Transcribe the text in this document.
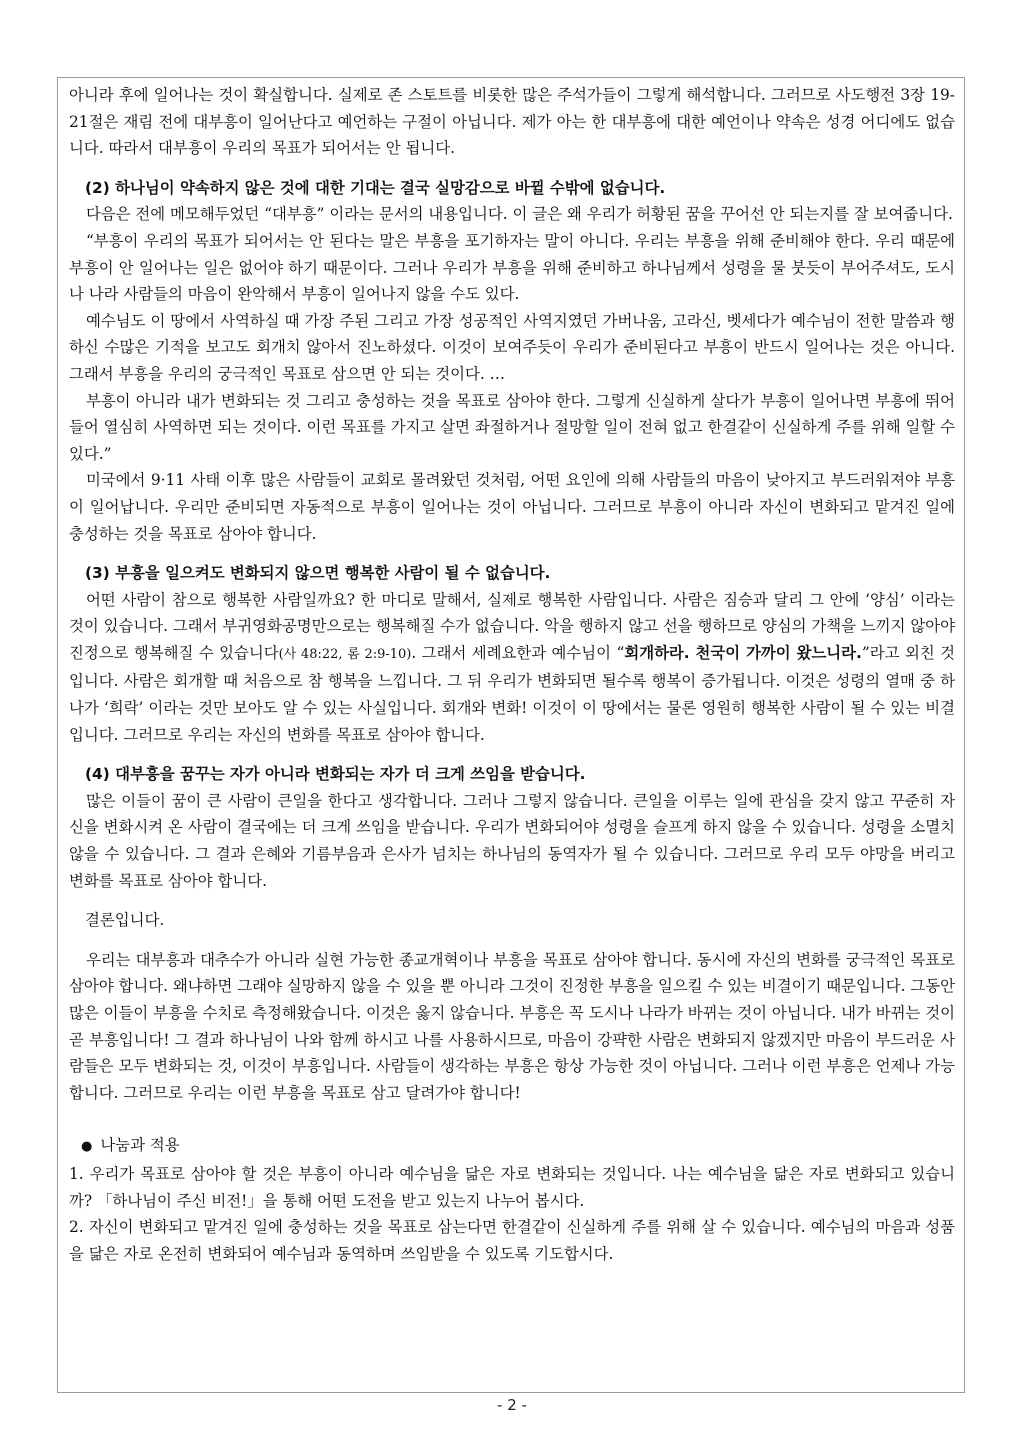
아니라 후에 일어나는 것이 확실합니다. 실제로 존 스토트를 비롯한 많은 주석가들이 그렇게 해석합니다. 그러므로 사도행전 3장 19-21절은 재림 전에 대부흥이 일어난다고 예언하는 구절이 아닙니다. 제가 아는 한 대부흥에 대한 예언이나 약속은 성경 어디에도 없습니다. 따라서 대부흥이 우리의 목표가 되어서는 안 됩니다.

(2) 하나님이 약속하지 않은 것에 대한 기대는 결국 실망감으로 바뀔 수밖에 없습니다.

다음은 전에 메모해두었던 “대부흥” 이라는 문서의 내용입니다. 이 글은 왜 우리가 허황된 꿈을 꾸어선 안 되는지를 잘 보여줍니다.

“부흥이 우리의 목표가 되어서는 안 된다는 말은 부흥을 포기하자는 말이 아니다. 우리는 부흥을 위해 준비해야 한다. 우리 때문에 부흥이 안 일어나는 일은 없어야 하기 때문이다. 그러나 우리가 부흥을 위해 준비하고 하나님께서 성령을 물 붓듯이 부어주셔도, 도시나 나라 사람들의 마음이 완악해서 부흥이 일어나지 않을 수도 있다.

예수님도 이 땅에서 사역하실 때 가장 주된 그리고 가장 성공적인 사역지였던 가버나움, 고라신, 벳세다가 예수님이 전한 말씀과 행하신 수많은 기적을 보고도 회개치 않아서 진노하셨다. 이것이 보여주듯이 우리가 준비된다고 부흥이 반드시 일어나는 것은 아니다. 그래서 부흥을 우리의 궁극적인 목표로 삼으면 안 되는 것이다. …

부흥이 아니라 내가 변화되는 것 그리고 충성하는 것을 목표로 삼아야 한다. 그렇게 신실하게 살다가 부흥이 일어나면 부흥에 뛰어들어 열심히 사역하면 되는 것이다. 이런 목표를 가지고 살면 좌절하거나 절망할 일이 전혀 없고 한결같이 신실하게 주를 위해 일할 수 있다.”

미국에서 9·11 사태 이후 많은 사람들이 교회로 몰려왔던 것처럼, 어떤 요인에 의해 사람들의 마음이 낮아지고 부드러워져야 부흥이 일어납니다. 우리만 준비되면 자동적으로 부흥이 일어나는 것이 아닙니다. 그러므로 부흥이 아니라 자신이 변화되고 맡겨진 일에 충성하는 것을 목표로 삼아야 합니다.

(3) 부흥을 일으켜도 변화되지 않으면 행복한 사람이 될 수 없습니다.

어떤 사람이 참으로 행복한 사람일까요? 한 마디로 말해서, 실제로 행복한 사람입니다. 사람은 짐승과 달리 그 안에 ‘양심’ 이라는 것이 있습니다. 그래서 부귀영화공명만으로는 행복해질 수가 없습니다. 악을 행하지 않고 선을 행하므로 양심의 가책을 느끼지 않아야 진정으로 행복해질 수 있습니다(사 48:22, 롬 2:9-10). 그래서 세례요한과 예수님이 “회개하라. 천국이 가까이 왔느니라.”라고 외친 것입니다. 사람은 회개할 때 처음으로 참 행복을 느낍니다. 그 뒤 우리가 변화되면 될수록 행복이 증가됩니다. 이것은 성령의 열매 중 하나가 ‘희락’ 이라는 것만 보아도 알 수 있는 사실입니다. 회개와 변화! 이것이 이 땅에서는 물론 영원히 행복한 사람이 될 수 있는 비결입니다. 그러므로 우리는 자신의 변화를 목표로 삼아야 합니다.

(4) 대부흥을 꿈꾸는 자가 아니라 변화되는 자가 더 크게 쓰임을 받습니다.

많은 이들이 꿈이 큰 사람이 큰일을 한다고 생각합니다. 그러나 그렇지 않습니다. 큰일을 이루는 일에 관심을 갖지 않고 꾸준히 자신을 변화시켜 온 사람이 결국에는 더 크게 쓰임을 받습니다. 우리가 변화되어야 성령을 슬프게 하지 않을 수 있습니다. 성령을 소멸치 않을 수 있습니다. 그 결과 은혜와 기름부음과 은사가 넘치는 하나님의 동역자가 될 수 있습니다. 그러므로 우리 모두 야망을 버리고 변화를 목표로 삼아야 합니다.

결론입니다.

우리는 대부흥과 대추수가 아니라 실현 가능한 종교개혁이나 부흥을 목표로 삼아야 합니다. 동시에 자신의 변화를 궁극적인 목표로 삼아야 합니다. 왜냐하면 그래야 실망하지 않을 수 있을 뿐 아니라 그것이 진정한 부흥을 일으킬 수 있는 비결이기 때문입니다. 그동안 많은 이들이 부흥을 수치로 측정해왔습니다. 이것은 옳지 않습니다. 부흥은 꼭 도시나 나라가 바뀌는 것이 아닙니다. 내가 바뀌는 것이 곧 부흥입니다! 그 결과 하나님이 나와 함께 하시고 나를 사용하시므로, 마음이 강퍅한 사람은 변화되지 않겠지만 마음이 부드러운 사람들은 모두 변화되는 것, 이것이 부흥입니다. 사람들이 생각하는 부흥은 항상 가능한 것이 아닙니다. 그러나 이런 부흥은 언제나 가능합니다. 그러므로 우리는 이런 부흥을 목표로 삼고 달려가야 합니다!

● 나눔과 적용

1. 우리가 목표로 삼아야 할 것은 부흥이 아니라 예수님을 닮은 자로 변화되는 것입니다. 나는 예수님을 닮은 자로 변화되고 있습니까? 「하나님이 주신 비전!」을 통해 어떤 도전을 받고 있는지 나누어 봅시다.

2. 자신이 변화되고 맡겨진 일에 충성하는 것을 목표로 삼는다면 한결같이 신실하게 주를 위해 살 수 있습니다. 예수님의 마음과 성품을 닮은 자로 온전히 변화되어 예수님과 동역하며 쓰임받을 수 있도록 기도합시다.

- 2 -
